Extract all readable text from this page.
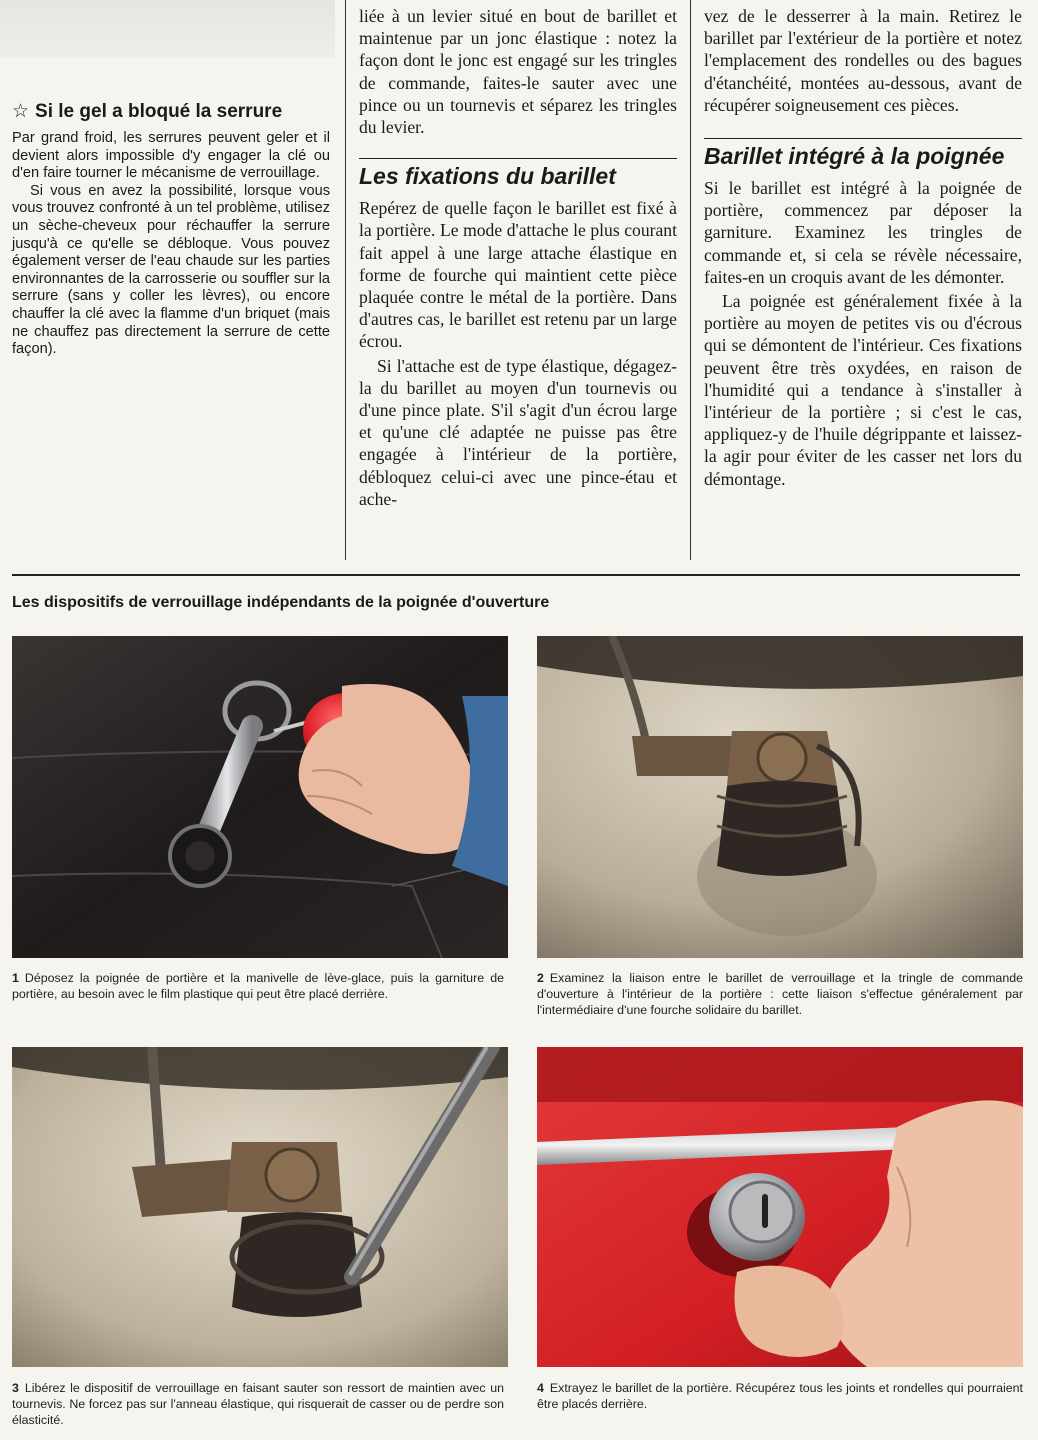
☆ Si le gel a bloqué la serrure

Par grand froid, les serrures peuvent geler et il devient alors impossible d'y engager la clé ou d'en faire tourner le mécanisme de verrouillage.

Si vous en avez la possibilité, lorsque vous vous trouvez confronté à un tel problème, utilisez un sèche-cheveux pour réchauffer la serrure jusqu'à ce qu'elle se débloque. Vous pouvez également verser de l'eau chaude sur les parties environnantes de la carrosserie ou souffler sur la serrure (sans y coller les lèvres), ou encore chauffer la clé avec la flamme d'un briquet (mais ne chauffez pas directement la serrure de cette façon).

liée à un levier situé en bout de barillet et maintenue par un jonc élastique : notez la façon dont le jonc est engagé sur les tringles de commande, faites-le sauter avec une pince ou un tournevis et séparez les tringles du levier.

Les fixations du barillet

Repérez de quelle façon le barillet est fixé à la portière. Le mode d'attache le plus courant fait appel à une large attache élastique en forme de fourche qui maintient cette pièce plaquée contre le métal de la portière. Dans d'autres cas, le barillet est retenu par un large écrou.

Si l'attache est de type élastique, dégagez-la du barillet au moyen d'un tournevis ou d'une pince plate. S'il s'agit d'un écrou large et qu'une clé adaptée ne puisse pas être engagée à l'intérieur de la portière, débloquez celui-ci avec une pince-étau et ache-

vez de le desserrer à la main. Retirez le barillet par l'extérieur de la portière et notez l'emplacement des rondelles ou des bagues d'étanchéité, montées au-dessous, avant de récupérer soigneusement ces pièces.

Barillet intégré à la poignée

Si le barillet est intégré à la poignée de portière, commencez par déposer la garniture. Examinez les tringles de commande et, si cela se révèle nécessaire, faites-en un croquis avant de les démonter.

La poignée est généralement fixée à la portière au moyen de petites vis ou d'écrous qui se démontent de l'intérieur. Ces fixations peuvent être très oxydées, en raison de l'humidité qui a tendance à s'installer à l'intérieur de la portière ; si c'est le cas, appliquez-y de l'huile dégrippante et laissez-la agir pour éviter de les casser net lors du démontage.

Les dispositifs de verrouillage indépendants de la poignée d'ouverture
1 Déposez la poignée de portière et la manivelle de lève-glace, puis la garniture de portière, au besoin avec le film plastique qui peut être placé derrière.
2 Examinez la liaison entre le barillet de verrouillage et la tringle de commande d'ouverture à l'intérieur de la portière : cette liaison s'effectue généralement par l'intermédiaire d'une fourche solidaire du barillet.
3 Libérez le dispositif de verrouillage en faisant sauter son ressort de maintien avec un tournevis. Ne forcez pas sur l'anneau élastique, qui risquerait de casser ou de perdre son élasticité.
4 Extrayez le barillet de la portière. Récupérez tous les joints et rondelles qui pourraient être placés derrière.
